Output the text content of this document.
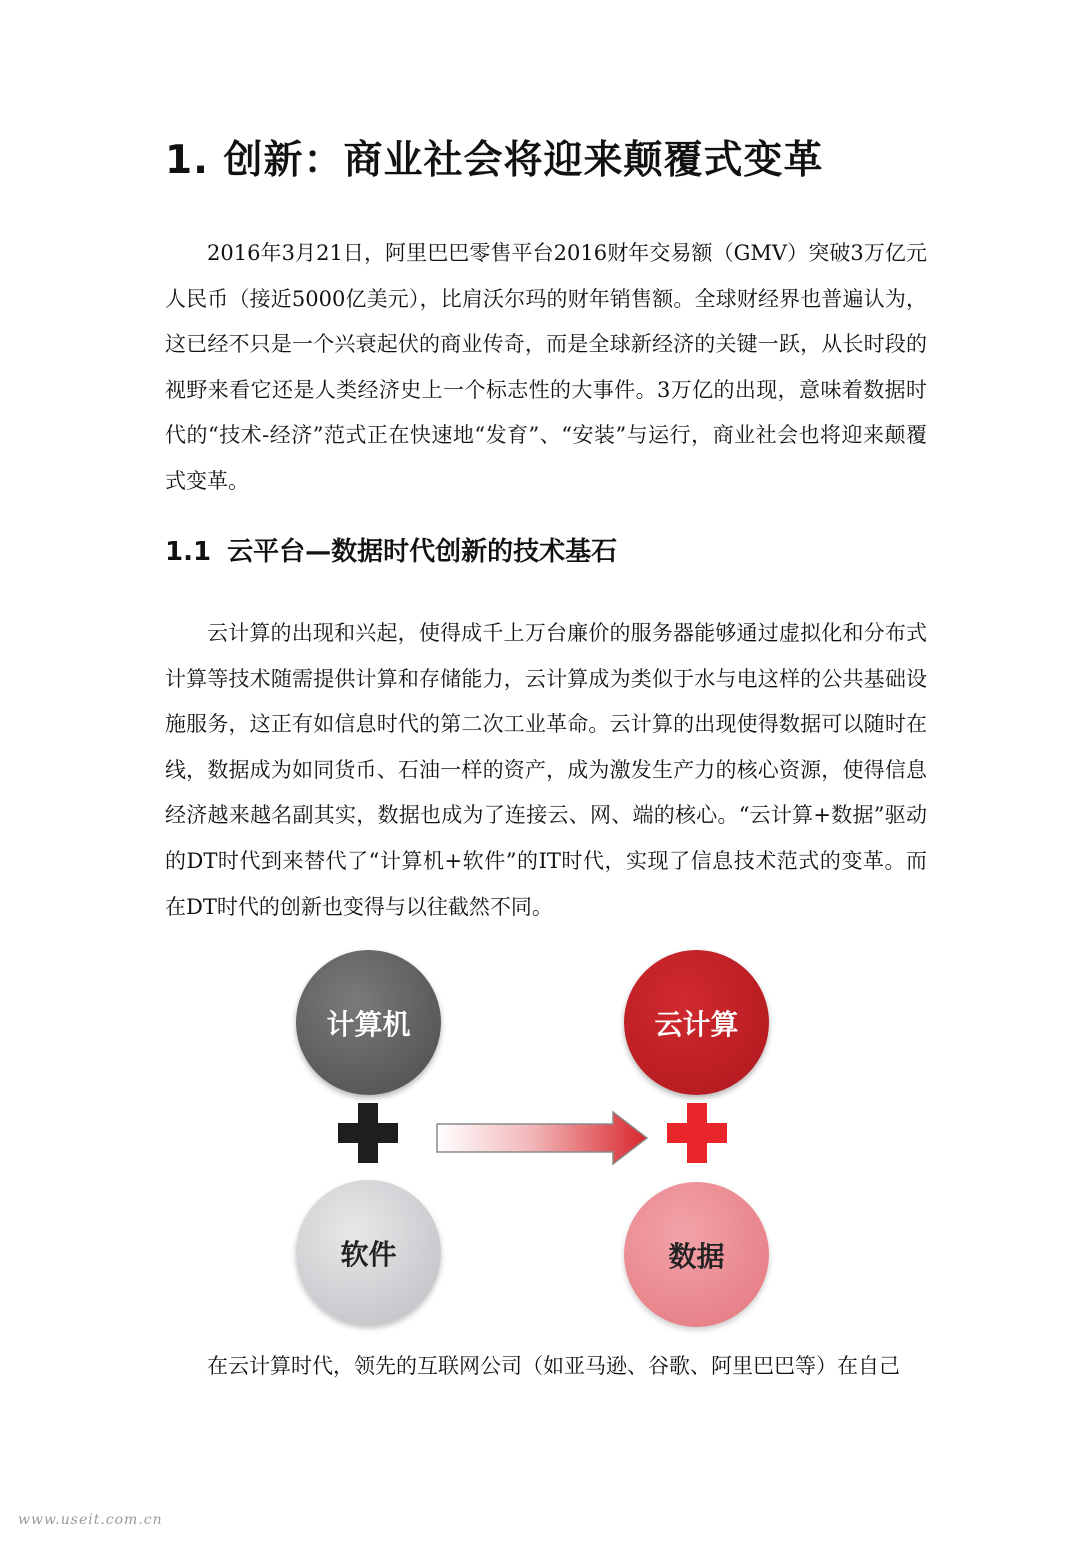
1. 创新：商业社会将迎来颠覆式变革

2016年3月21日，阿里巴巴零售平台2016财年交易额（GMV）突破3万亿元人民币（接近5000亿美元），比肩沃尔玛的财年销售额。全球财经界也普遍认为，这已经不只是一个兴衰起伏的商业传奇，而是全球新经济的关键一跃，从长时段的视野来看它还是人类经济史上一个标志性的大事件。3万亿的出现，意味着数据时代的“技术-经济”范式正在快速地“发育”、“安装”与运行，商业社会也将迎来颠覆式变革。

1.1 云平台—数据时代创新的技术基石

云计算的出现和兴起，使得成千上万台廉价的服务器能够通过虚拟化和分布式计算等技术随需提供计算和存储能力，云计算成为类似于水与电这样的公共基础设施服务，这正有如信息时代的第二次工业革命。云计算的出现使得数据可以随时在线，数据成为如同货币、石油一样的资产，成为激发生产力的核心资源，使得信息经济越来越名副其实，数据也成为了连接云、网、端的核心。“云计算+数据”驱动的DT时代到来替代了“计算机+软件”的IT时代，实现了信息技术范式的变革。而在DT时代的创新也变得与以往截然不同。

计算机
软件
云计算
数据

在云计算时代，领先的互联网公司（如亚马逊、谷歌、阿里巴巴等）在自己

www.useit.com.cn
